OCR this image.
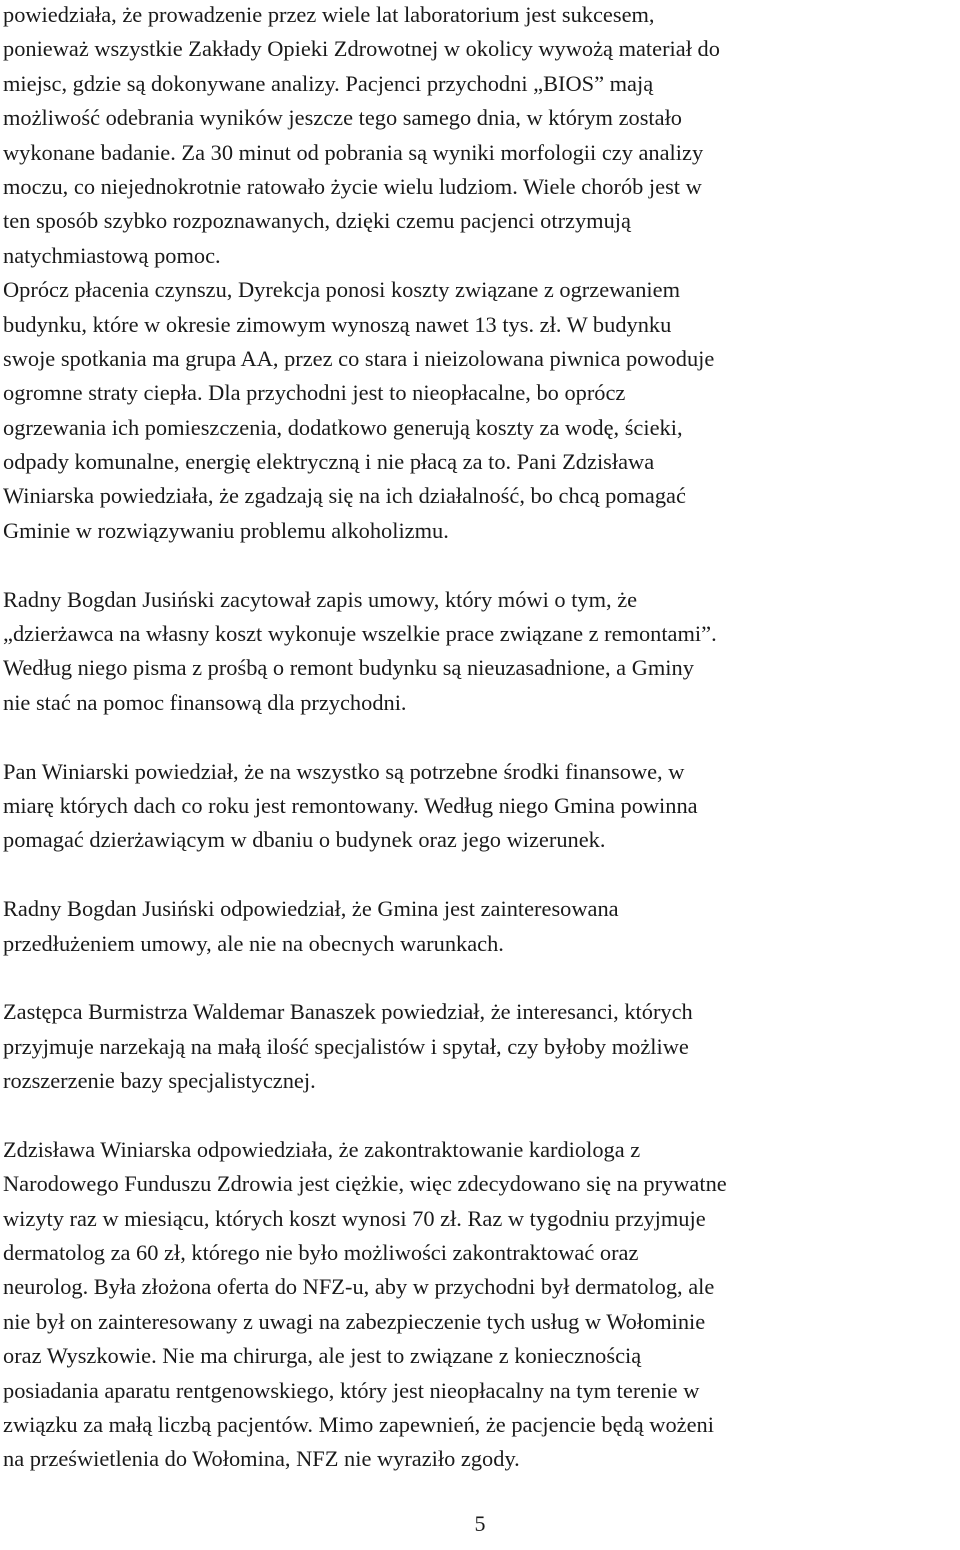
powiedziała, że prowadzenie przez wiele lat laboratorium jest sukcesem,
ponieważ wszystkie Zakłady Opieki Zdrowotnej w okolicy wywożą materiał do
miejsc, gdzie są dokonywane analizy. Pacjenci przychodni „BIOS” mają
możliwość odebrania wyników jeszcze tego samego dnia, w którym zostało
wykonane badanie. Za 30 minut od pobrania są wyniki morfologii czy analizy
moczu, co niejednokrotnie ratowało życie wielu ludziom. Wiele chorób jest w
ten sposób szybko rozpoznawanych, dzięki czemu pacjenci otrzymują
natychmiastową pomoc.
Oprócz płacenia czynszu, Dyrekcja ponosi koszty związane z ogrzewaniem
budynku, które w okresie zimowym wynoszą nawet 13 tys. zł. W budynku
swoje spotkania ma grupa AA, przez co stara i nieizolowana piwnica powoduje
ogromne straty ciepła. Dla przychodni jest to nieopłacalne, bo oprócz
ogrzewania ich pomieszczenia, dodatkowo generują koszty za wodę, ścieki,
odpady komunalne, energię elektryczną i nie płacą za to. Pani Zdzisława
Winiarska powiedziała, że zgadzają się na ich działalność, bo chcą pomagać
Gminie w rozwiązywaniu problemu alkoholizmu.

Radny Bogdan Jusiński zacytował zapis umowy, który mówi o tym, że
„dzierżawca na własny koszt wykonuje wszelkie prace związane z remontami”.
Według niego pisma z prośbą o remont budynku są nieuzasadnione, a Gminy
nie stać na pomoc finansową dla przychodni.

Pan Winiarski powiedział, że na wszystko są potrzebne środki finansowe, w
miarę których dach co roku jest remontowany. Według niego Gmina powinna
pomagać dzierżawiącym w dbaniu o budynek oraz jego wizerunek.

Radny Bogdan Jusiński odpowiedział, że Gmina jest zainteresowana
przedłużeniem umowy, ale nie na obecnych warunkach.

Zastępca Burmistrza Waldemar Banaszek powiedział, że interesanci, których
przyjmuje narzekają na małą ilość specjalistów i spytał, czy byłoby możliwe
rozszerzenie bazy specjalistycznej.

Zdzisława Winiarska odpowiedziała, że zakontraktowanie kardiologa z
Narodowego Funduszu Zdrowia jest ciężkie, więc zdecydowano się na prywatne
wizyty raz w miesiącu, których koszt wynosi 70 zł. Raz w tygodniu przyjmuje
dermatolog za 60 zł, którego nie było możliwości zakontraktować oraz
neurolog. Była złożona oferta do NFZ-u, aby w przychodni był dermatolog, ale
nie był on zainteresowany z uwagi na zabezpieczenie tych usług w Wołominie
oraz Wyszkowie. Nie ma chirurga, ale jest to związane z koniecznością
posiadania aparatu rentgenowskiego, który jest nieopłacalny na tym terenie w
związku za małą liczbą pacjentów. Mimo zapewnień, że pacjencie będą wożeni
na prześwietlenia do Wołomina, NFZ nie wyraziło zgody.

5
